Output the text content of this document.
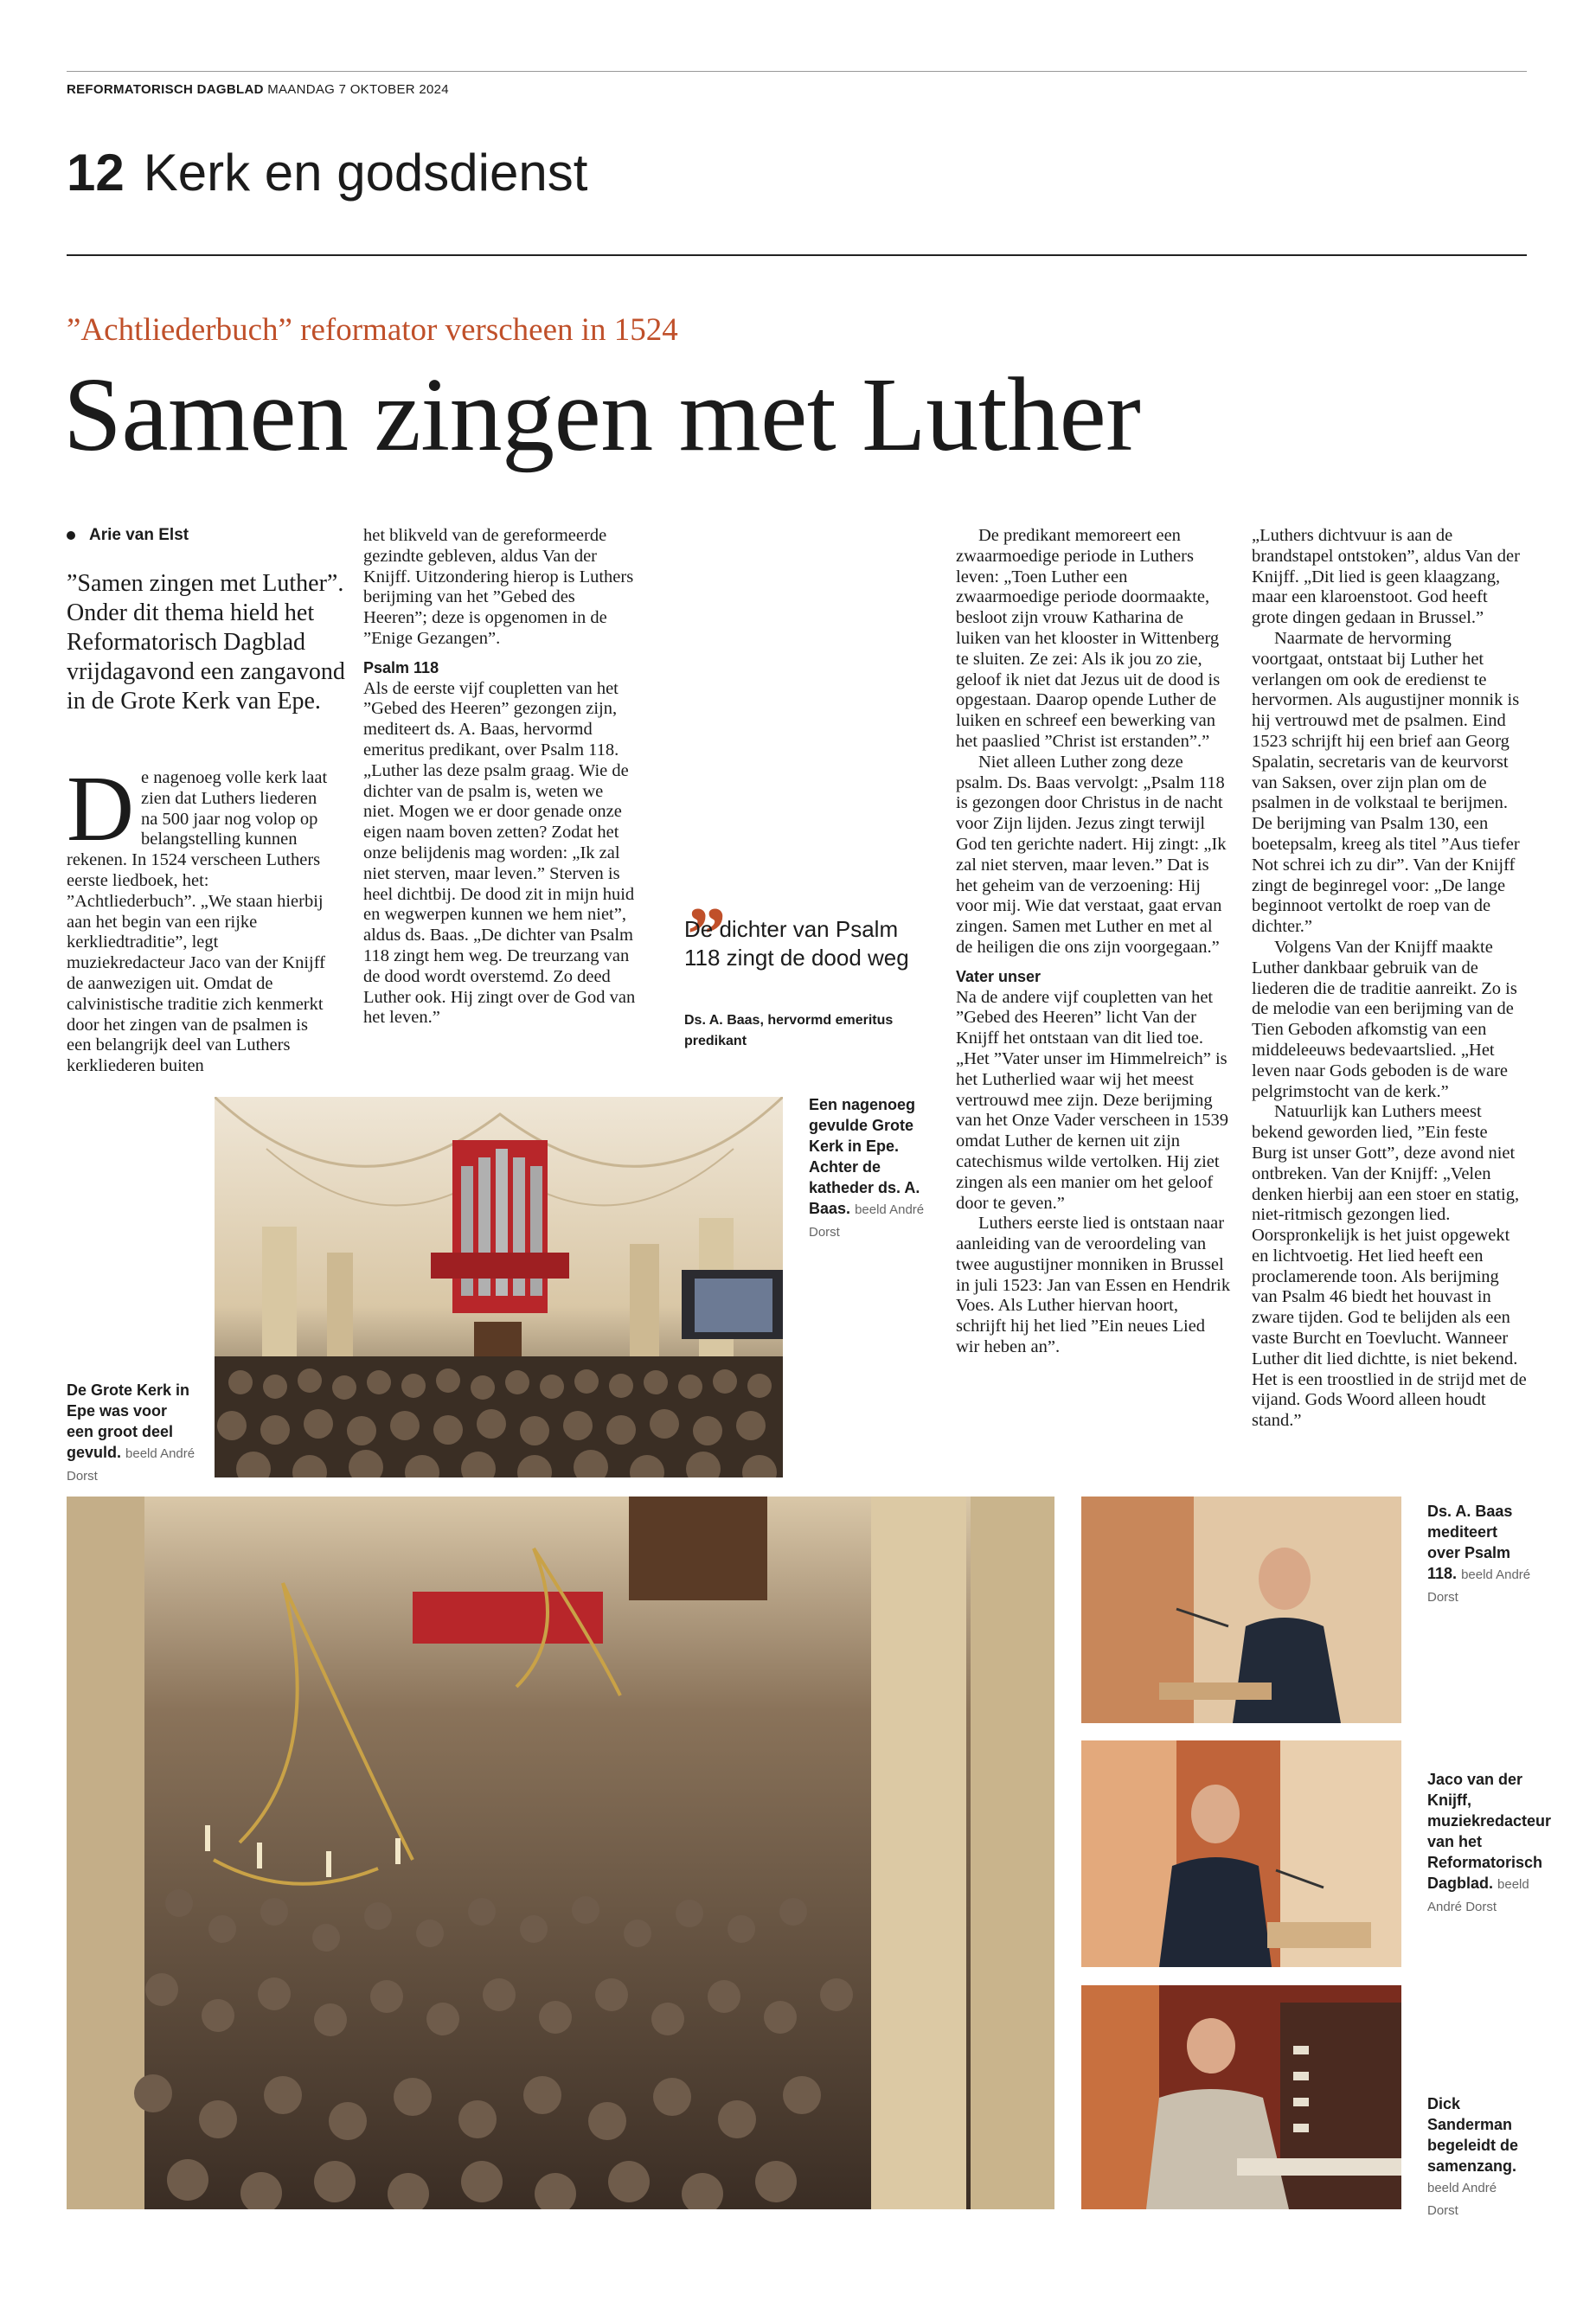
REFORMATORISCH DAGBLAD MAANDAG 7 OKTOBER 2024
12 Kerk en godsdienst
”Achtliederbuch” reformator verscheen in 1524
Samen zingen met Luther
Arie van Elst
”Samen zingen met Luther”. Onder dit thema hield het Reformatorisch Dagblad vrijdagavond een zangavond in de Grote Kerk van Epe.
De nagenoeg volle kerk laat zien dat Luthers liederen na 500 jaar nog volop op belangstelling kunnen rekenen. In 1524 verscheen Luthers eerste liedboek, het: ”Achtliederbuch”. „We staan hierbij aan het begin van een rijke kerkliedtraditie”, legt muziekredacteur Jaco van der Knijff de aanwezigen uit. Omdat de calvinistische traditie zich kenmerkt door het zingen van de psalmen is een belangrijk deel van Luthers kerkliederen buiten

het blikveld van de gereformeerde gezindte gebleven, aldus Van der Knijff. Uitzondering hierop is Luthers berijming van het ”Gebed des Heeren”; deze is opgenomen in de ”Enige Gezangen”.

Psalm 118

Als de eerste vijf coupletten van het ”Gebed des Heeren” gezongen zijn, mediteert ds. A. Baas, hervormd emeritus predikant, over Psalm 118. „Luther las deze psalm graag. Wie de dichter van de psalm is, weten we niet. Mogen we er door genade onze eigen naam boven zetten? Zodat het onze belijdenis mag worden: „Ik zal niet sterven, maar leven.” Sterven is heel dichtbij. De dood zit in mijn huid en wegwerpen kunnen we hem niet”, aldus ds. Baas. „De dichter van Psalm 118 zingt hem weg. De treurzang van de dood wordt overstemd. Zo deed Luther ook. Hij zingt over de God van het leven.”

„
De dichter van Psalm 118 zingt de dood weg
Ds. A. Baas, hervormd emeritus predikant

De predikant memoreert een zwaarmoedige periode in Luthers leven: „Toen Luther een zwaarmoedige periode doormaakte, besloot zijn vrouw Katharina de luiken van het klooster in Wittenberg te sluiten. Ze zei: Als ik jou zo zie, geloof ik niet dat Jezus uit de dood is opgestaan. Daarop opende Luther de luiken en schreef een bewerking van het paaslied ”Christ ist erstanden”.”

Niet alleen Luther zong deze psalm. Ds. Baas vervolgt: „Psalm 118 is gezongen door Christus in de nacht voor Zijn lijden. Jezus zingt terwijl God ten gerichte nadert. Hij zingt: „Ik zal niet sterven, maar leven.” Dat is het geheim van de verzoening: Hij voor mij. Wie dat verstaat, gaat ervan zingen. Samen met Luther en met al de heiligen die ons zijn voorgegaan.”

Vater unser

Na de andere vijf coupletten van het ”Gebed des Heeren” licht Van der Knijff het ontstaan van dit lied toe. „Het ”Vater unser im Himmelreich” is het Lutherlied waar wij het meest vertrouwd mee zijn. Deze berijming van het Onze Vader verscheen in 1539 omdat Luther de kernen uit zijn catechismus wilde vertolken. Hij ziet zingen als een manier om het geloof door te geven.”

Luthers eerste lied is ontstaan naar aanleiding van de veroordeling van twee augustijner monniken in Brussel in juli 1523: Jan van Essen en Hendrik Voes. Als Luther hiervan hoort, schrijft hij het lied ”Ein neues Lied wir heben an”.

„Luthers dichtvuur is aan de brandstapel ontstoken”, aldus Van der Knijff. „Dit lied is geen klaagzang, maar een klaroenstoot. God heeft grote dingen gedaan in Brussel.”

Naarmate de hervorming voortgaat, ontstaat bij Luther het verlangen om ook de eredienst te hervormen. Als augustijner monnik is hij vertrouwd met de psalmen. Eind 1523 schrijft hij een brief aan Georg Spalatin, secretaris van de keurvorst van Saksen, over zijn plan om de psalmen in de volkstaal te berijmen. De berijming van Psalm 130, een boetepsalm, kreeg als titel ”Aus tiefer Not schrei ich zu dir”. Van der Knijff zingt de beginregel voor: „De lange beginnoot vertolkt de roep van de dichter.”

Volgens Van der Knijff maakte Luther dankbaar gebruik van de liederen die de traditie aanreikt. Zo is de melodie van een berijming van de Tien Geboden afkomstig van een middeleeuws bedevaartslied. „Het leven naar Gods geboden is de ware pelgrimstocht van de kerk.”

Natuurlijk kan Luthers meest bekend geworden lied, ”Ein feste Burg ist unser Gott”, deze avond niet ontbreken. Van der Knijff: „Velen denken hierbij aan een stoer en statig, niet-ritmisch gezongen lied. Oorspronkelijk is het juist opgewekt en lichtvoetig. Het lied heeft een proclamerende toon. Als berijming van Psalm 46 biedt het houvast in zware tijden. God te belijden als een vaste Burcht en Toevlucht. Wanneer Luther dit lied dichtte, is niet bekend. Het is een troostlied in de strijd met de vijand. Gods Woord alleen houdt stand.”

Een nagenoeg gevulde Grote Kerk in Epe. Achter de katheder ds. A. Baas. beeld André Dorst
De Grote Kerk in Epe was voor een groot deel gevuld. beeld André Dorst
Ds. A. Baas mediteert over Psalm 118. beeld André Dorst
Jaco van der Knijff, muziekredacteur van het Reformatorisch Dagblad. beeld André Dorst
Dick Sanderman begeleidt de samenzang. beeld André Dorst
